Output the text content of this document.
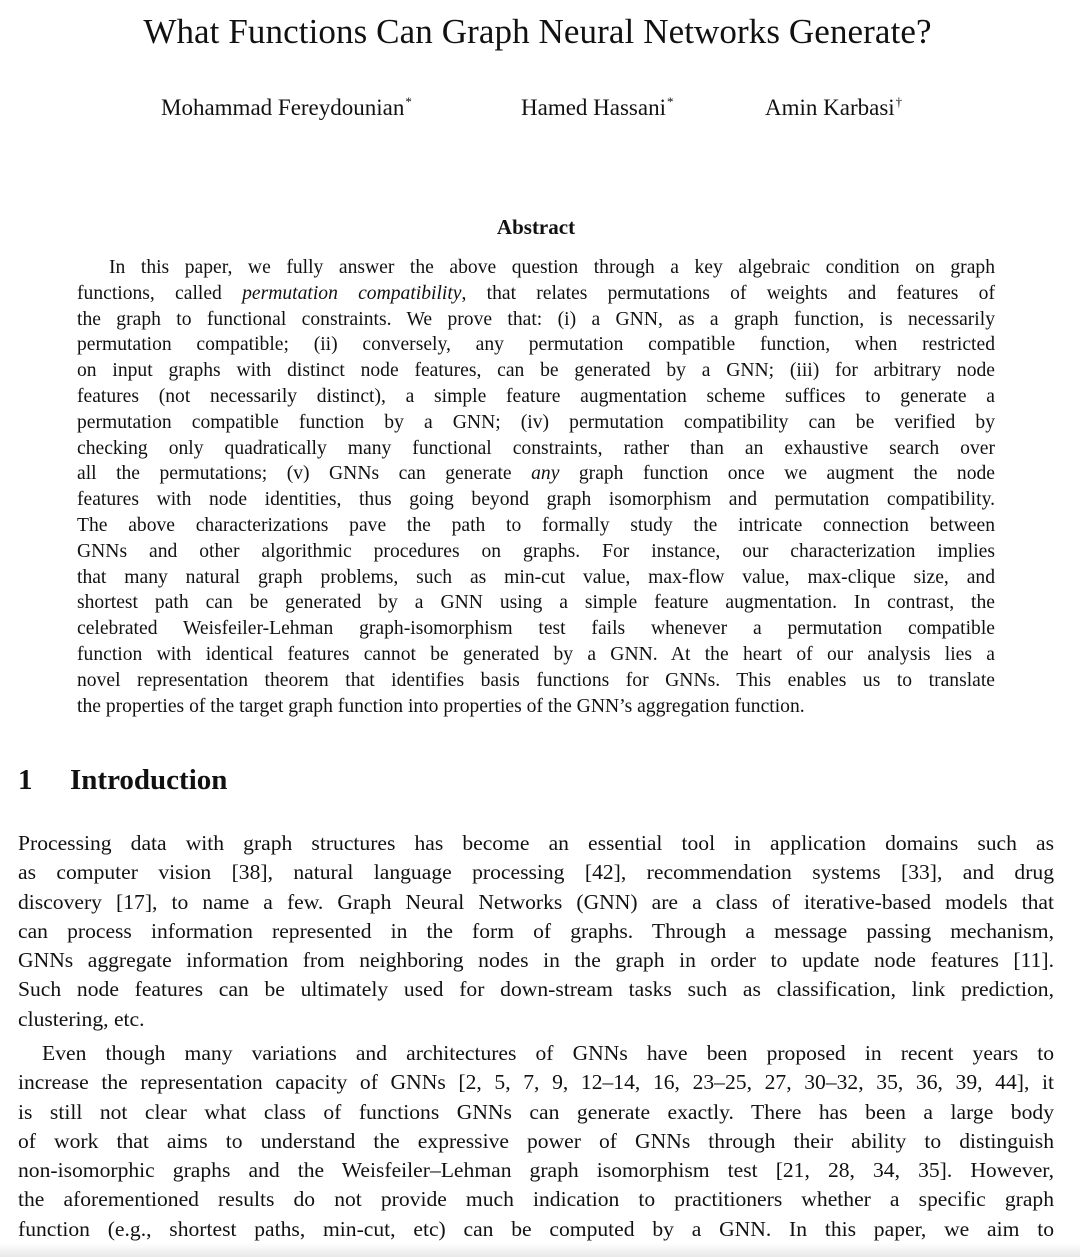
What Functions Can Graph Neural Networks Generate?
Mohammad Fereydounian*	Hamed Hassani*	Amin Karbasi†
Abstract
In this paper, we fully answer the above question through a key algebraic condition on graph
functions, called permutation compatibility, that relates permutations of weights and features of
the graph to functional constraints. We prove that: (i) a GNN, as a graph function, is necessarily
permutation compatible; (ii) conversely, any permutation compatible function, when restricted
on input graphs with distinct node features, can be generated by a GNN; (iii) for arbitrary node
features (not necessarily distinct), a simple feature augmentation scheme suffices to generate a
permutation compatible function by a GNN; (iv) permutation compatibility can be verified by
checking only quadratically many functional constraints, rather than an exhaustive search over
all the permutations; (v) GNNs can generate any graph function once we augment the node
features with node identities, thus going beyond graph isomorphism and permutation compatibility.
The above characterizations pave the path to formally study the intricate connection between
GNNs and other algorithmic procedures on graphs. For instance, our characterization implies
that many natural graph problems, such as min-cut value, max-flow value, max-clique size, and
shortest path can be generated by a GNN using a simple feature augmentation. In contrast, the
celebrated Weisfeiler-Lehman graph-isomorphism test fails whenever a permutation compatible
function with identical features cannot be generated by a GNN. At the heart of our analysis lies a
novel representation theorem that identifies basis functions for GNNs. This enables us to translate
the properties of the target graph function into properties of the GNN’s aggregation function.
1 Introduction
Processing data with graph structures has become an essential tool in application domains such as
as computer vision [38], natural language processing [42], recommendation systems [33], and drug
discovery [17], to name a few. Graph Neural Networks (GNN) are a class of iterative-based models that
can process information represented in the form of graphs. Through a message passing mechanism,
GNNs aggregate information from neighboring nodes in the graph in order to update node features [11].
Such node features can be ultimately used for down-stream tasks such as classification, link prediction,
clustering, etc.
Even though many variations and architectures of GNNs have been proposed in recent years to
increase the representation capacity of GNNs [2, 5, 7, 9, 12–14, 16, 23–25, 27, 30–32, 35, 36, 39, 44], it
is still not clear what class of functions GNNs can generate exactly. There has been a large body
of work that aims to understand the expressive power of GNNs through their ability to distinguish
non-isomorphic graphs and the Weisfeiler–Lehman graph isomorphism test [21, 28, 34, 35]. However,
the aforementioned results do not provide much indication to practitioners whether a specific graph
function (e.g., shortest paths, min-cut, etc) can be computed by a GNN. In this paper, we aim to
